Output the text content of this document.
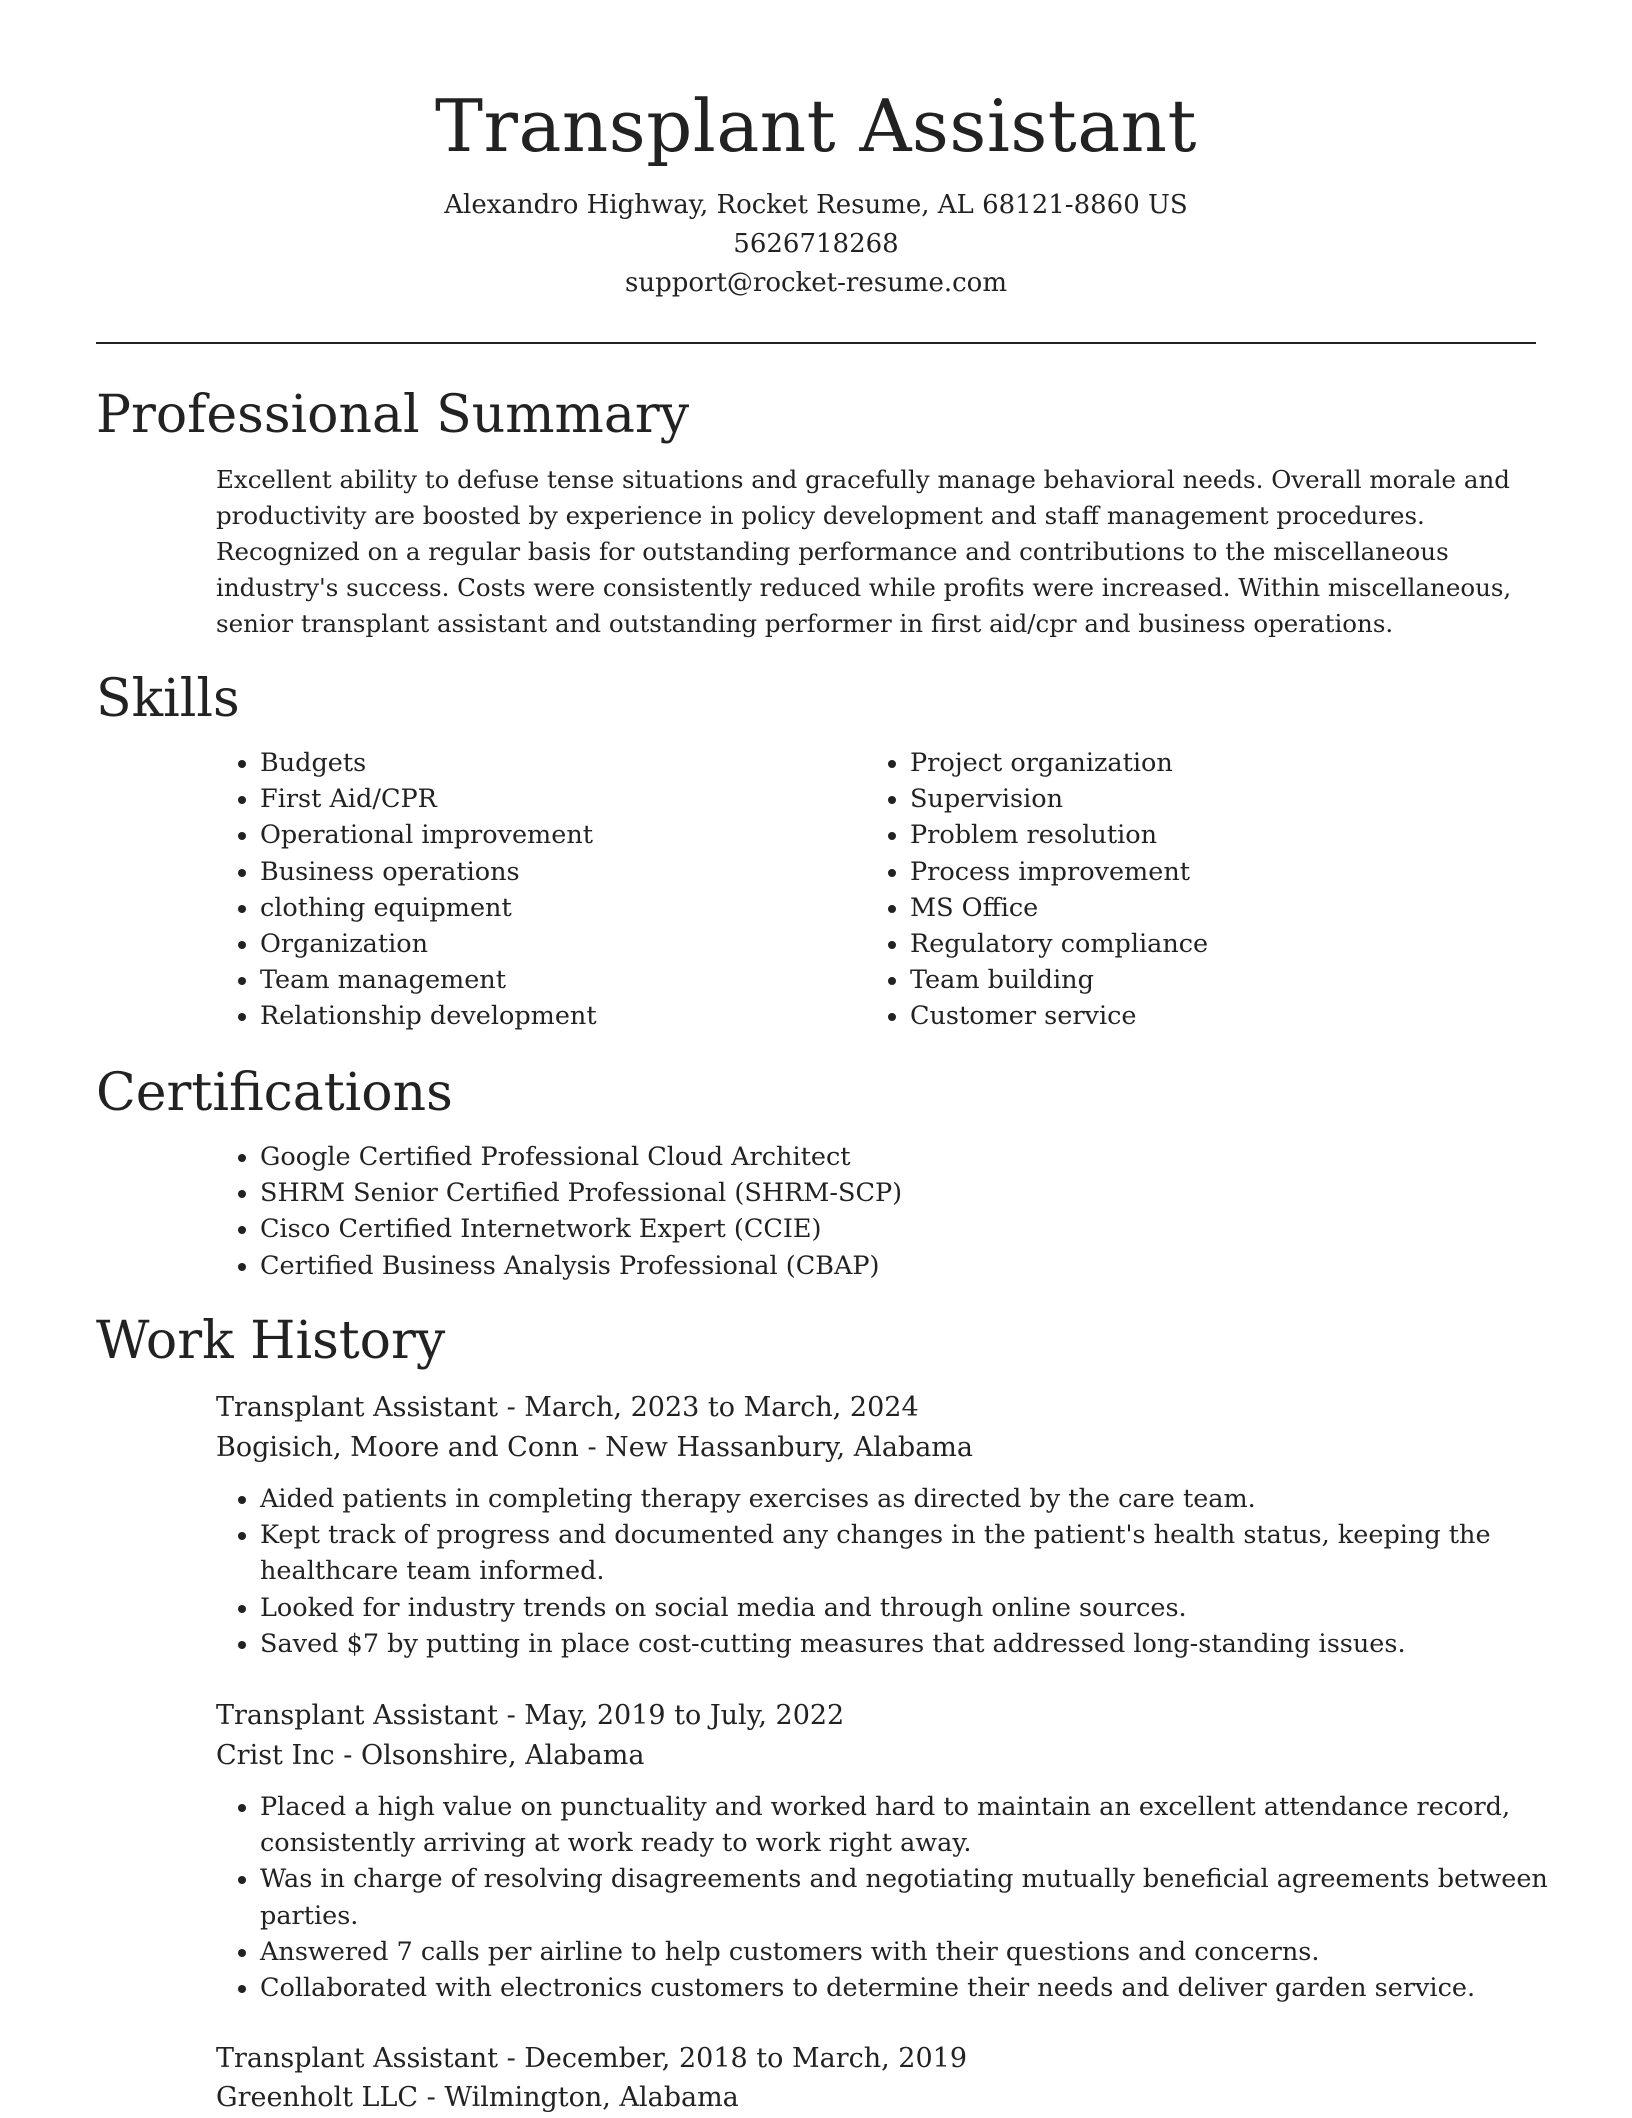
Transplant Assistant
Alexandro Highway, Rocket Resume, AL 68121-8860 US
5626718268
support@rocket-resume.com
Professional Summary

Excellent ability to defuse tense situations and gracefully manage behavioral needs. Overall morale and productivity are boosted by experience in policy development and staff management procedures. Recognized on a regular basis for outstanding performance and contributions to the miscellaneous industry's success. Costs were consistently reduced while profits were increased. Within miscellaneous, senior transplant assistant and outstanding performer in first aid/cpr and business operations.

Skills
• Budgets
• First Aid/CPR
• Operational improvement
• Business operations
• clothing equipment
• Organization
• Team management
• Relationship development
• Project organization
• Supervision
• Problem resolution
• Process improvement
• MS Office
• Regulatory compliance
• Team building
• Customer service
Certifications
• Google Certified Professional Cloud Architect
• SHRM Senior Certified Professional (SHRM-SCP)
• Cisco Certified Internetwork Expert (CCIE)
• Certified Business Analysis Professional (CBAP)
Work History
Transplant Assistant - March, 2023 to March, 2024
Bogisich, Moore and Conn - New Hassanbury, Alabama
• Aided patients in completing therapy exercises as directed by the care team.
• Kept track of progress and documented any changes in the patient's health status, keeping the healthcare team informed.
• Looked for industry trends on social media and through online sources.
• Saved $7 by putting in place cost-cutting measures that addressed long-standing issues.
Transplant Assistant - May, 2019 to July, 2022
Crist Inc - Olsonshire, Alabama
• Placed a high value on punctuality and worked hard to maintain an excellent attendance record, consistently arriving at work ready to work right away.
• Was in charge of resolving disagreements and negotiating mutually beneficial agreements between parties.
• Answered 7 calls per airline to help customers with their questions and concerns.
• Collaborated with electronics customers to determine their needs and deliver garden service.
Transplant Assistant - December, 2018 to March, 2019
Greenholt LLC - Wilmington, Alabama
